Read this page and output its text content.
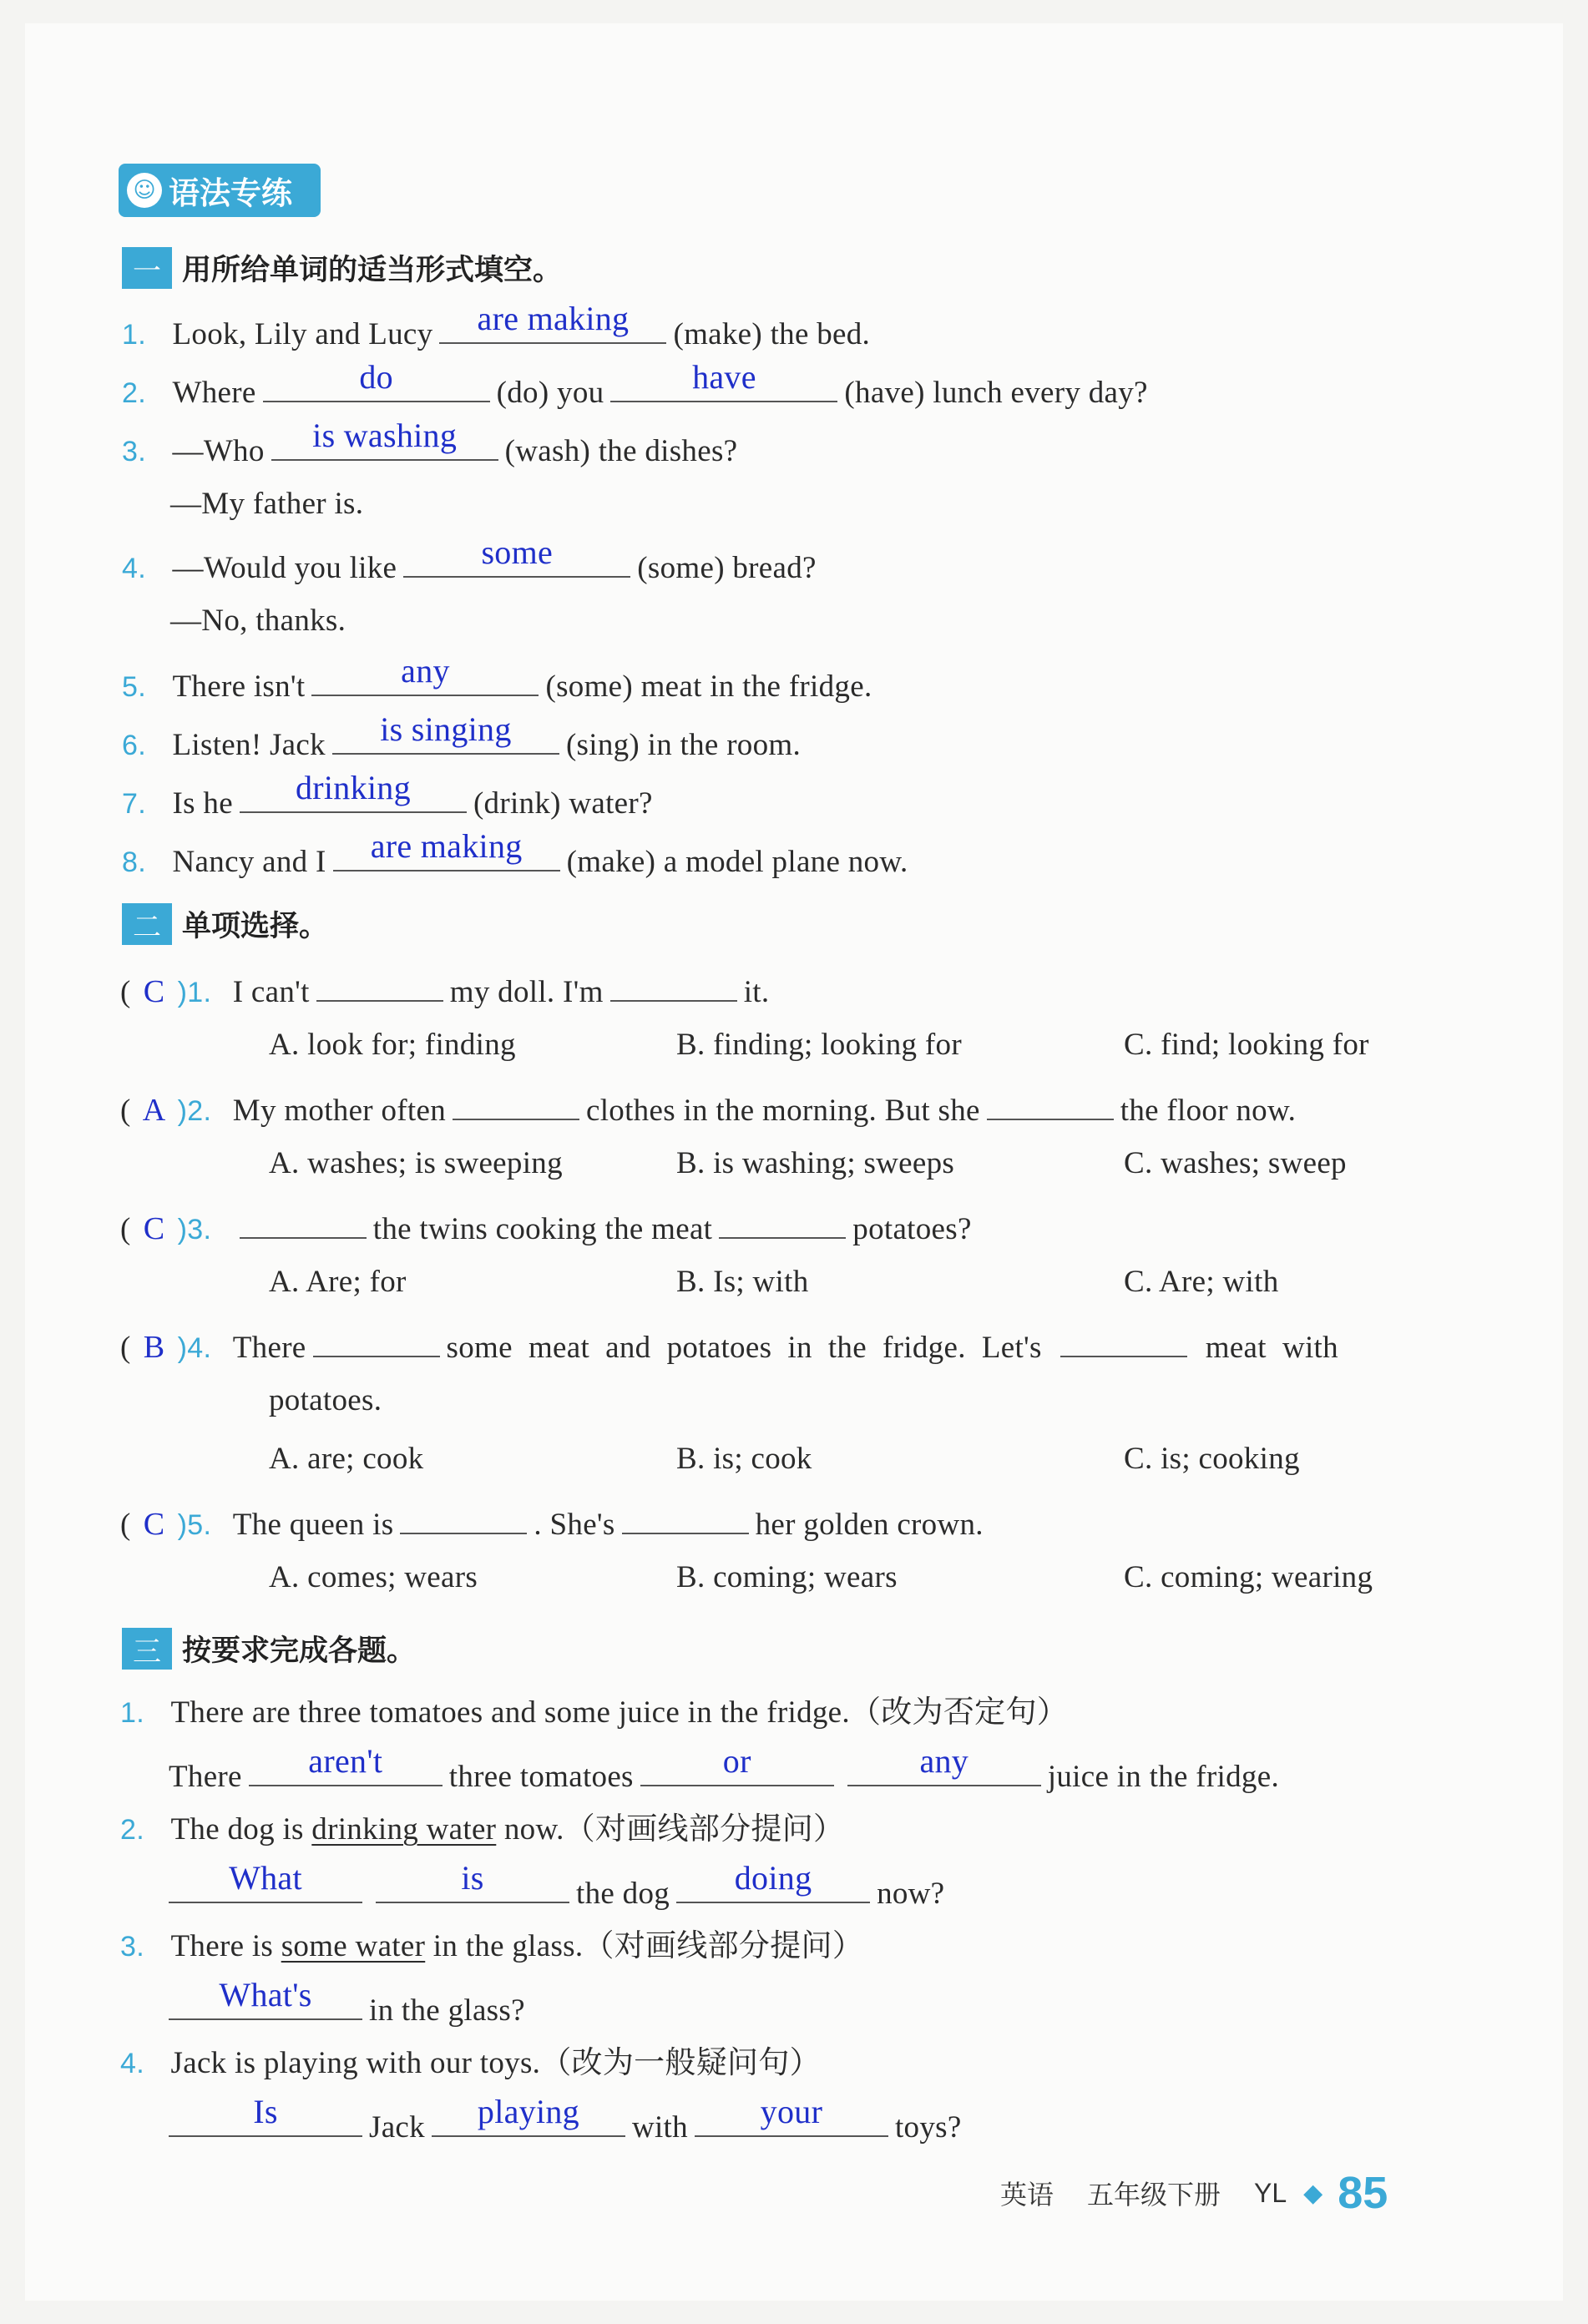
☺ 语法专练
一 用所给单词的适当形式填空。
1. Look, Lily and Lucy	are making	(make) the bed.
2. Where	do	(do) you	have	(have) lunch every day?
3. —Who	is washing	(wash) the dishes?
—My father is.
4. —Would you like	some	(some) bread?
—No, thanks.
5. There isn't	any	(some) meat in the fridge.
6. Listen! Jack	is singing	(sing) in the room.
7. Is he	drinking	(drink) water?
8. Nancy and I	are making	(make) a model plane now.
二 单项选择。
( C )1. I can't	my doll. I'm	it.
A. look for; finding	B. finding; looking for	C. find; looking for
( A )2. My mother often	clothes in the morning. But she	the floor now.
A. washes; is sweeping	B. is washing; sweeps	C. washes; sweep
( C )3.	the twins cooking the meat	potatoes?
A. Are; for	B. Is; with	C. Are; with
( B )4. There	some  meat  and  potatoes  in  the  fridge.  Let's	meat  with
potatoes.
A. are; cook	B. is; cook	C. is; cooking
( C )5. The queen is	. She's	her golden crown.
A. comes; wears	B. coming; wears	C. coming; wearing
三 按要求完成各题。
1. There are three tomatoes and some juice in the fridge.（改为否定句）
There	aren't	three tomatoes	or	any	juice in the fridge.
2. The dog is drinking water now.（对画线部分提问）
What	is	the dog	doing	now?
3. There is some water in the glass.（对画线部分提问）
What's	in the glass?
4. Jack is playing with our toys.（改为一般疑问句）
Is	Jack	playing	with	your	toys?
英语 五年级下册 YL ◆ 85
